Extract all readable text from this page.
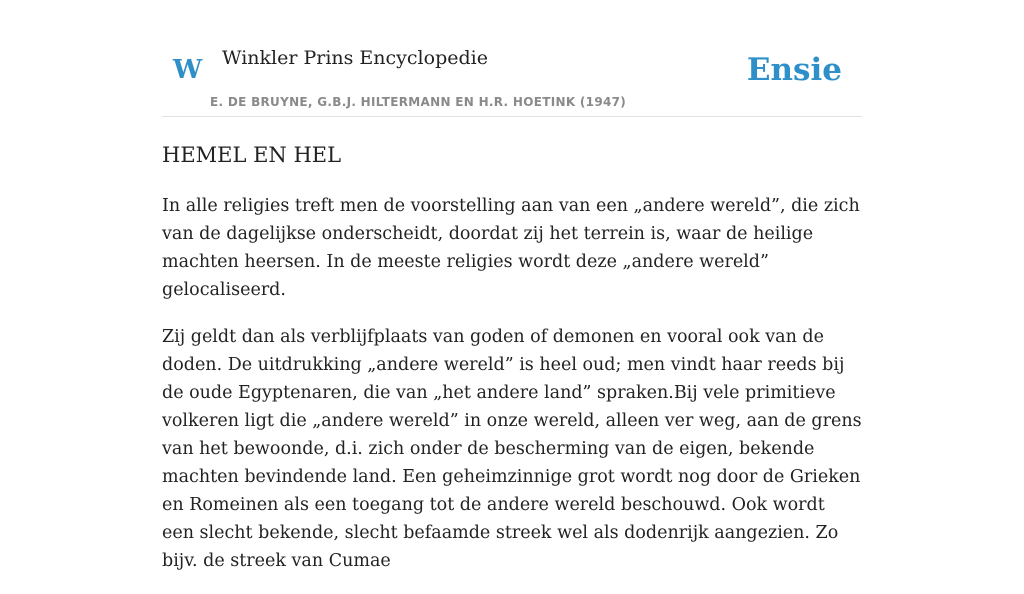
W Winkler Prins Encyclopedie
E. DE BRUYNE, G.B.J. HILTERMANN EN H.R. HOETINK (1947)
Ensie
HEMEL EN HEL

In alle religies treft men de voorstelling aan van een „andere wereld”, die zich van de dagelijkse onderscheidt, doordat zij het terrein is, waar de heilige machten heersen. In de meeste religies wordt deze „andere wereld” gelocaliseerd.

Zij geldt dan als verblijfplaats van goden of demonen en vooral ook van de doden. De uitdrukking „andere wereld” is heel oud; men vindt haar reeds bij de oude Egyptenaren, die van „het andere land” spraken.Bij vele primitieve volkeren ligt die „andere wereld” in onze wereld, alleen ver weg, aan de grens van het bewoonde, d.i. zich onder de bescherming van de eigen, bekende machten bevindende land. Een geheimzinnige grot wordt nog door de Grieken en Romeinen als een toegang tot de andere wereld beschouwd. Ook wordt een slecht bekende, slecht befaamde streek wel als dodenrijk aangezien. Zo bijv. de streek van Cumae
